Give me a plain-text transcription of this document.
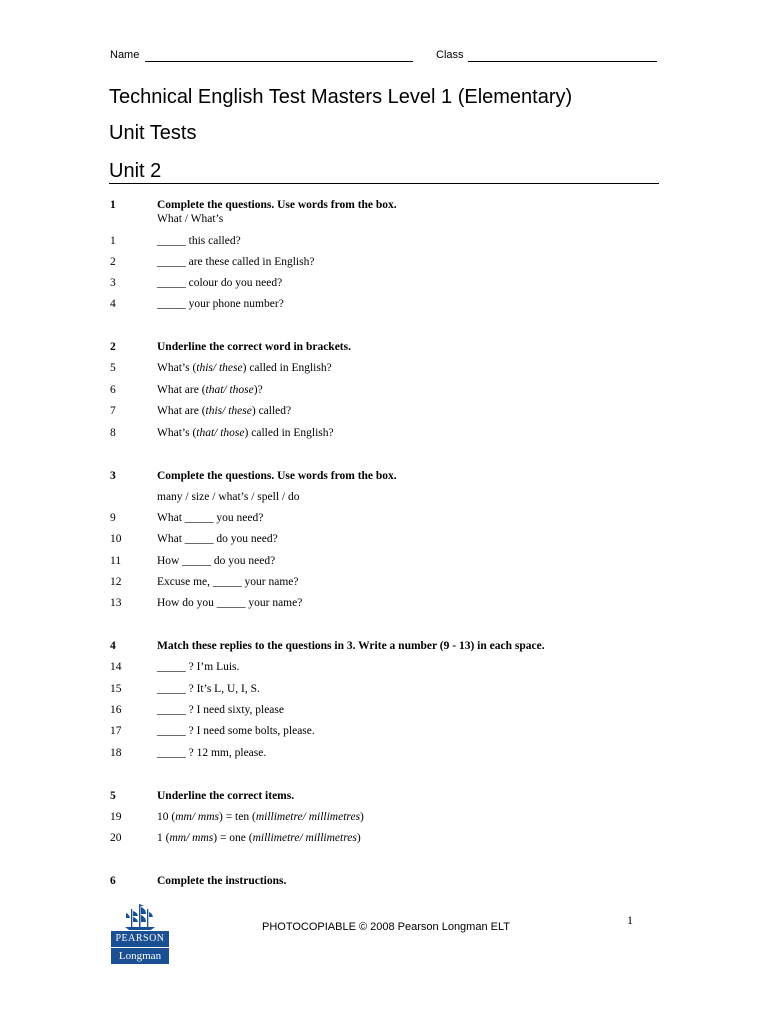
Name	Class
Technical English Test Masters Level 1 (Elementary)
Unit Tests
Unit 2
1	Complete the questions. Use words from the box.
What / What’s
1	_____ this called?
2	_____ are these called in English?
3	_____ colour do you need?
4	_____ your phone number?
2	Underline the correct word in brackets.
5	What’s (this/ these) called in English?
6	What are (that/ those)?
7	What are (this/ these) called?
8	What’s (that/ those) called in English?
3	Complete the questions. Use words from the box.
many / size / what’s / spell / do
9	What _____ you need?
10	What _____ do you need?
11	How _____ do you need?
12	Excuse me, _____ your name?
13	How do you _____ your name?
4	Match these replies to the questions in 3. Write a number (9 - 13) in each space.
14	_____ ? I’m Luis.
15	_____ ? It’s L, U, I, S.
16	_____ ? I need sixty, please
17	_____ ? I need some bolts, please.
18	_____ ? 12 mm, please.
5	Underline the correct items.
19	10 (mm/ mms) = ten (millimetre/ millimetres)
20	1 (mm/ mms) = one (millimetre/ millimetres)
6	Complete the instructions.
PEARSON
Longman
PHOTOCOPIABLE © 2008 Pearson Longman ELT	1
